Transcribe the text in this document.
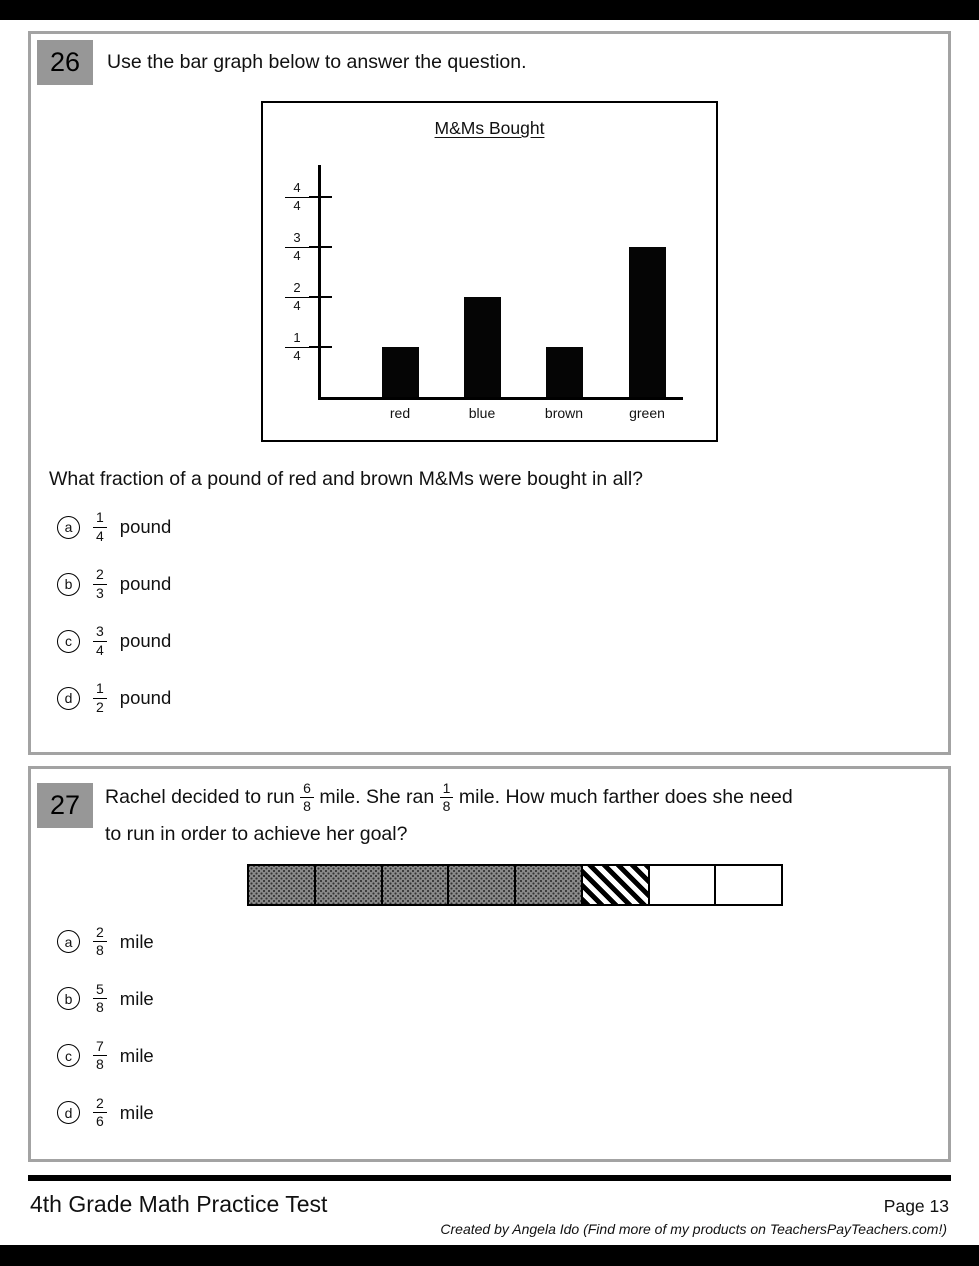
26	Use the bar graph below to answer the question.
M&Ms Bought
red	blue	brown	green
$\frac{4}{4}$
$\frac{3}{4}$
$\frac{2}{4}$
$\frac{1}{4}$
What fraction of a pound of red and brown M&Ms were bought in all?
a	$\frac{1}{4}$ pound
b	$\frac{2}{3}$ pound
c	$\frac{3}{4}$ pound
d	$\frac{1}{2}$ pound
27	Rachel decided to run $\frac{6}{8}$ mile. She ran $\frac{1}{8}$ mile. How much farther does she need
to run in order to achieve her goal?
a	$\frac{2}{8}$ mile
b	$\frac{5}{8}$ mile
c	$\frac{7}{8}$ mile
d	$\frac{2}{6}$ mile
4th Grade Math Practice Test	Page 13
Created by Angela Ido (Find more of my products on TeachersPayTeachers.com!)
